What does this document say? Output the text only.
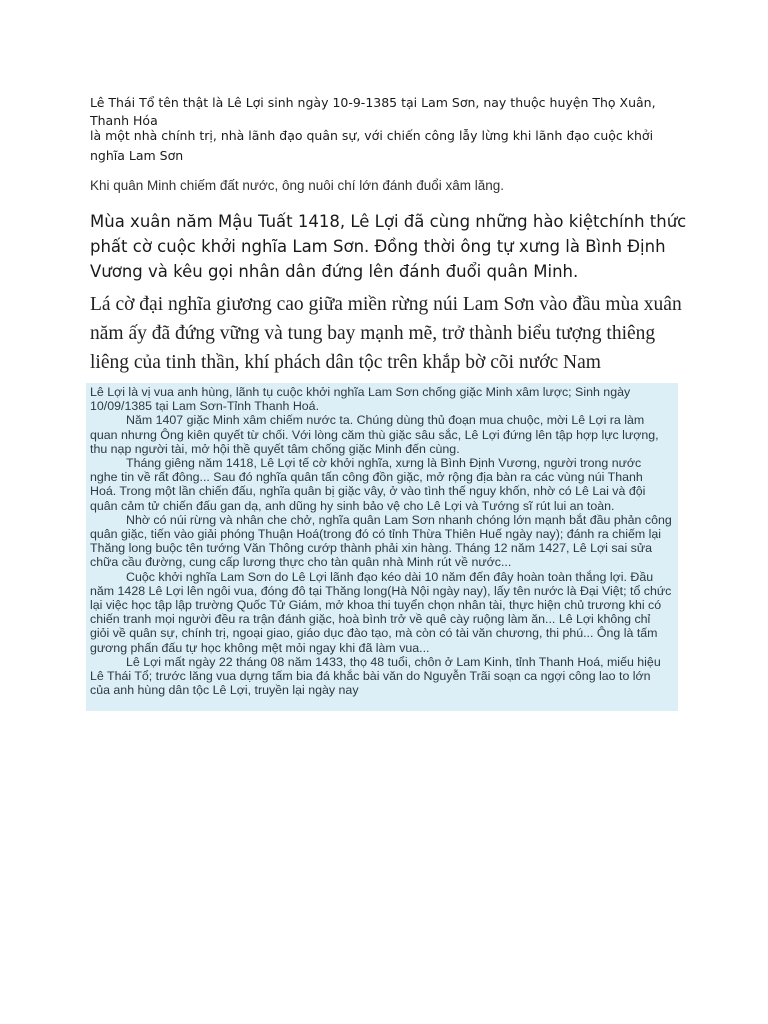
Lê Thái Tổ tên thật là Lê Lợi sinh ngày 10-9-1385 tại Lam Sơn, nay thuộc huyện Thọ Xuân, Thanh Hóa

là một nhà chính trị, nhà lãnh đạo quân sự, với chiến công lẫy lừng khi lãnh đạo cuộc khởi nghĩa Lam Sơn

Khi quân Minh chiếm đất nước, ông nuôi chí lớn đánh đuổi xâm lăng.

Mùa xuân năm Mậu Tuất 1418, Lê Lợi đã cùng những hào kiệtchính thức phất cờ cuộc khởi nghĩa Lam Sơn. Đồng thời ông tự xưng là Bình Định Vương và kêu gọi nhân dân đứng lên đánh đuổi quân Minh.

Lá cờ đại nghĩa giương cao giữa miền rừng núi Lam Sơn vào đầu mùa xuân năm ấy đã đứng vững và tung bay mạnh mẽ, trở thành biểu tượng thiêng liêng của tinh thần, khí phách dân tộc trên khắp bờ cõi nước Nam

Lê Lợi là vị vua anh hùng, lãnh tụ cuộc khởi nghĩa Lam Sơn chống giặc Minh xâm lược; Sinh ngày 10/09/1385 tại Lam Sơn-Tỉnh Thanh Hoá.

Năm 1407 giặc Minh xâm chiếm nước ta. Chúng dùng thủ đoạn mua chuộc, mời Lê Lợi ra làm quan nhưng Ông kiên quyết từ chối. Với lòng căm thù giặc sâu sắc, Lê Lợi đứng lên tập hợp lực lượng, thu nạp người tài, mở hội thề quyết tâm chống giặc Minh đến cùng.

Tháng giêng năm 1418, Lê Lợi tế cờ khởi nghĩa, xưng là Bình Định Vương, người trong nước nghe tin về rất đông... Sau đó nghĩa quân tấn công đồn giặc, mở rộng địa bàn ra các vùng núi Thanh Hoá. Trong một lần chiến đấu, nghĩa quân bị giặc vây, ở vào tình thế nguy khốn, nhờ có Lê Lai và đội quân cảm tử chiến đấu gan dạ, anh dũng hy sinh bảo vệ cho Lê Lợi và Tướng sĩ rút lui an toàn.

Nhờ có núi rừng và nhân che chở, nghĩa quân Lam Sơn nhanh chóng lớn mạnh bắt đầu phản công quân giặc, tiến vào giải phóng Thuận Hoá(trong đó có tỉnh Thừa Thiên Huế ngày nay); đánh ra chiếm lại Thăng long buộc tên tướng Văn Thông cướp thành phải xin hàng. Tháng 12 năm 1427, Lê Lợi sai sửa chữa cầu đường, cung cấp lương thực cho tàn quân nhà Minh rút về nước...

Cuộc khởi nghĩa Lam Sơn do Lê Lợi lãnh đạo kéo dài 10 năm đến đây hoàn toàn thắng lợi. Đầu năm 1428 Lê Lợi lên ngôi vua, đóng đô tại Thăng long(Hà Nội ngày nay), lấy tên nước là Đại Việt; tổ chức lại việc học tập lập trường Quốc Tử Giám, mở khoa thi tuyển chọn nhân tài, thực hiện chủ trương khi có chiến tranh mọi người đều ra trận đánh giặc, hoà bình trở về quê cày ruộng làm ăn... Lê Lợi không chỉ giỏi về quân sự, chính trị, ngoại giao, giáo dục đào tạo, mà còn có tài văn chương, thi phú... Ông là tấm gương phấn đấu tự học không mệt mỏi ngay khi đã làm vua...

Lê Lợi mất ngày 22 tháng 08 năm 1433, thọ 48 tuổi, chôn ở Lam Kinh, tỉnh Thanh Hoá, miếu hiệu Lê Thái Tổ; trước lăng vua dựng tấm bia đá khắc bài văn do Nguyễn Trãi soạn ca ngợi công lao to lớn của anh hùng dân tộc Lê Lợi, truyền lại ngày nay
